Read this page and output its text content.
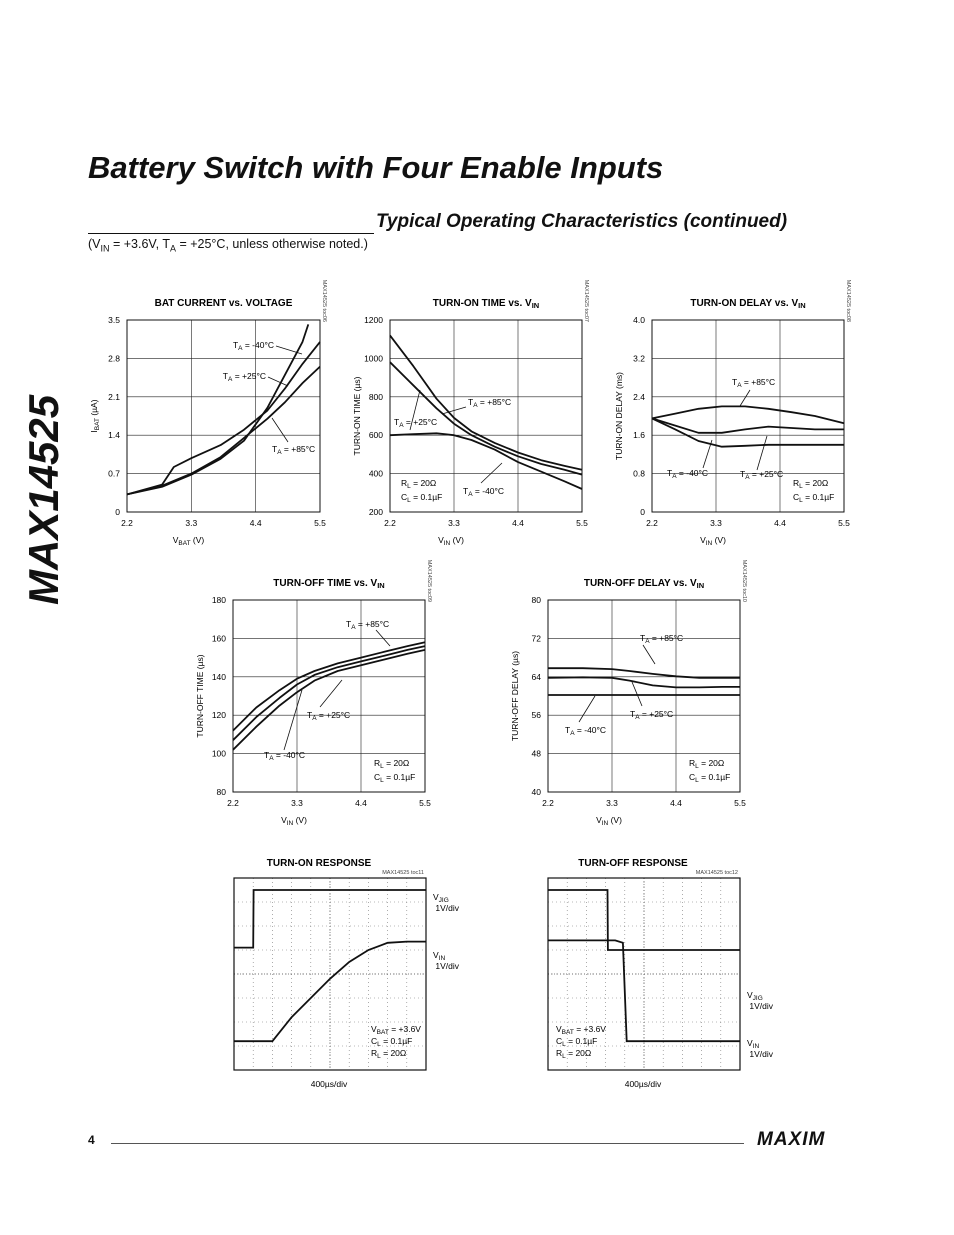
MAX14525
Battery Switch with Four Enable Inputs
Typical Operating Characteristics (continued)
($V_{IN} = +3.6V$, $T_A = +25^\circ C$, unless otherwise noted.)
BAT CURRENT vs. VOLTAGE
0
0.7
1.4
2.1
2.8
3.5
2.2	3.3	4.4	5.5
$V_{BAT}$ (V)
$I_{BAT}$ (µA)
MAX14525 toc06
$T_A = -40^\circ C$
$T_A = +25^\circ C$
$T_A = +85^\circ C$
TURN-ON TIME vs. $V_{IN}$
200
400
600
800
1000
1200
2.2	3.3	4.4	5.5
$V_{IN}$ (V)
TURN-ON TIME (µs)
MAX14525 toc07
$T_A = +85^\circ C$
$T_A = +25^\circ C$
$T_A = -40^\circ C$
$R_L = 20\Omega$
$C_L = 0.1\mu F$
TURN-ON DELAY vs. $V_{IN}$
0
0.8
1.6
2.4
3.2
4.0
2.2	3.3	4.4	5.5
$V_{IN}$ (V)
TURN-ON DELAY (ms)
MAX14525 toc08
$T_A = +85^\circ C$
$T_A = -40^\circ C$	$T_A = +25^\circ C$
$R_L = 20\Omega$
$C_L = 0.1\mu F$
TURN-OFF TIME vs. $V_{IN}$
80
100
120
140
160
180
2.2	3.3	4.4	5.5
$V_{IN}$ (V)
TURN-OFF TIME (µs)
MAX14525 toc09
$T_A = +85^\circ C$
$T_A = +25^\circ C$
$T_A = -40^\circ C$
$R_L = 20\Omega$
$C_L = 0.1\mu F$
TURN-OFF DELAY vs. $V_{IN}$
40
48
56
64
72
80
2.2	3.3	4.4	5.5
$V_{IN}$ (V)
TURN-OFF DELAY (µs)
MAX14525 toc10
$T_A = +85^\circ C$
$T_A = -40^\circ C$
$T_A = +25^\circ C$
$R_L = 20\Omega$
$C_L = 0.1\mu F$
TURN-ON RESPONSE
MAX14525 toc11
$V_{JIG}$ 1V/div
$V_{IN}$ 1V/div
$V_{BAT} = +3.6V$
$C_L = 0.1\mu F$
$R_L = 20\Omega$
400µs/div
TURN-OFF RESPONSE
MAX14525 toc12
$V_{JIG}$ 1V/div
$V_{IN}$ 1V/div
$V_{BAT} = +3.6V$
$C_L = 0.1\mu F$
$R_L = 20\Omega$
400µs/div
4	MAXIM
